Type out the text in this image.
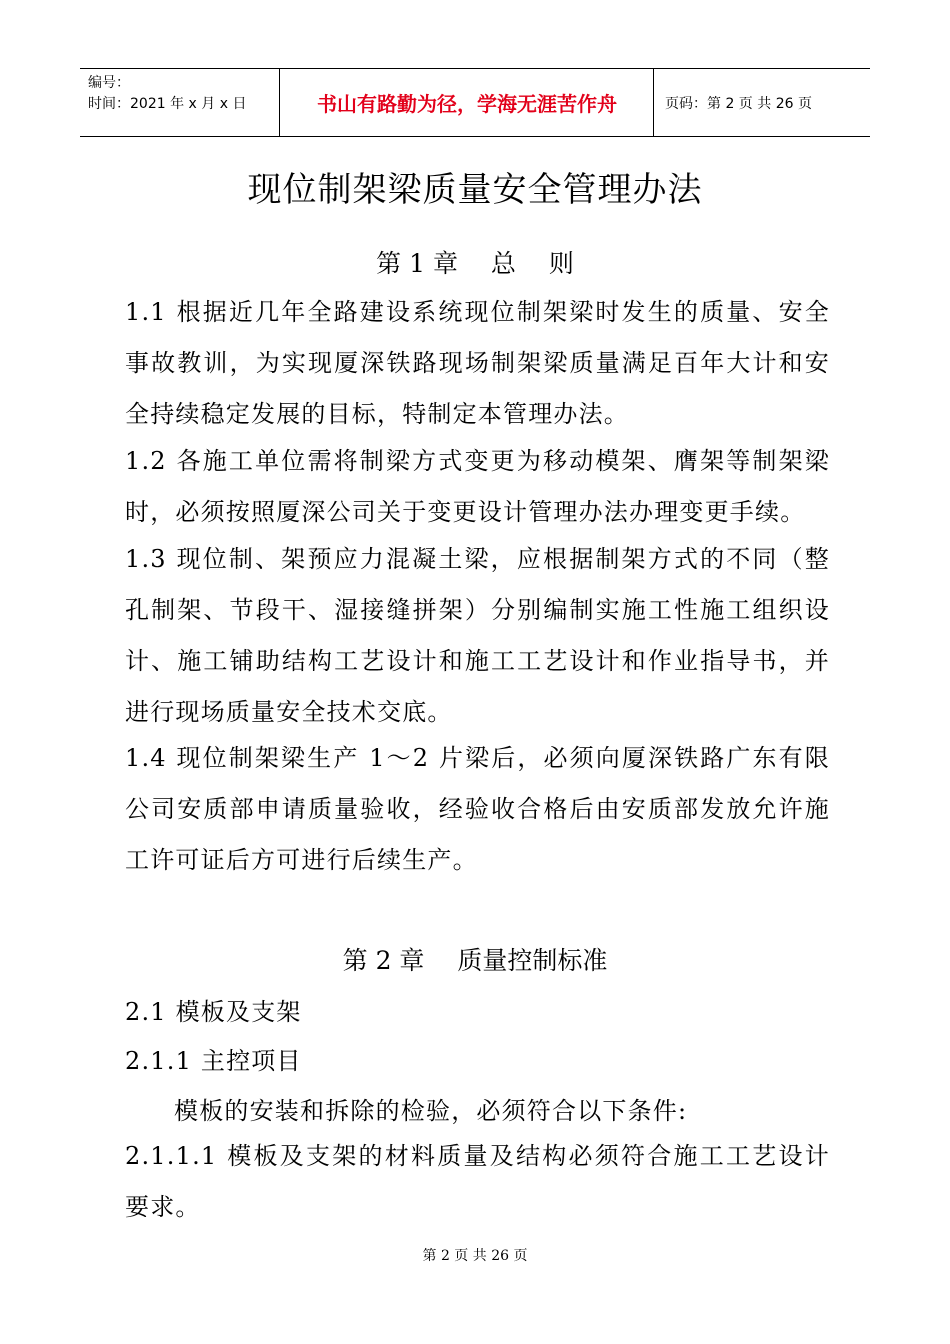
编号：
时间：2021 年 x 月 x 日	书山有路勤为径，学海无涯苦作舟	页码：第 2 页 共 26 页
现位制架梁质量安全管理办法
第 1 章　 总　 则
1.1 根据近几年全路建设系统现位制架梁时发生的质量、安全事故教训，为实现厦深铁路现场制架梁质量满足百年大计和安全持续稳定发展的目标，特制定本管理办法。
1.2 各施工单位需将制梁方式变更为移动模架、膺架等制架梁时，必须按照厦深公司关于变更设计管理办法办理变更手续。
1.3 现位制、架预应力混凝土梁，应根据制架方式的不同（整孔制架、节段干、湿接缝拼架）分别编制实施工性施工组织设计、施工铺助结构工艺设计和施工工艺设计和作业指导书，并进行现场质量安全技术交底。
1.4 现位制架梁生产 1～2 片梁后，必须向厦深铁路广东有限公司安质部申请质量验收，经验收合格后由安质部发放允许施工许可证后方可进行后续生产。
第 2 章　 质量控制标准
2.1 模板及支架
2.1.1 主控项目
模板的安装和拆除的检验，必须符合以下条件:
2.1.1.1 模板及支架的材料质量及结构必须符合施工工艺设计要求。
第 2 页 共 26 页
